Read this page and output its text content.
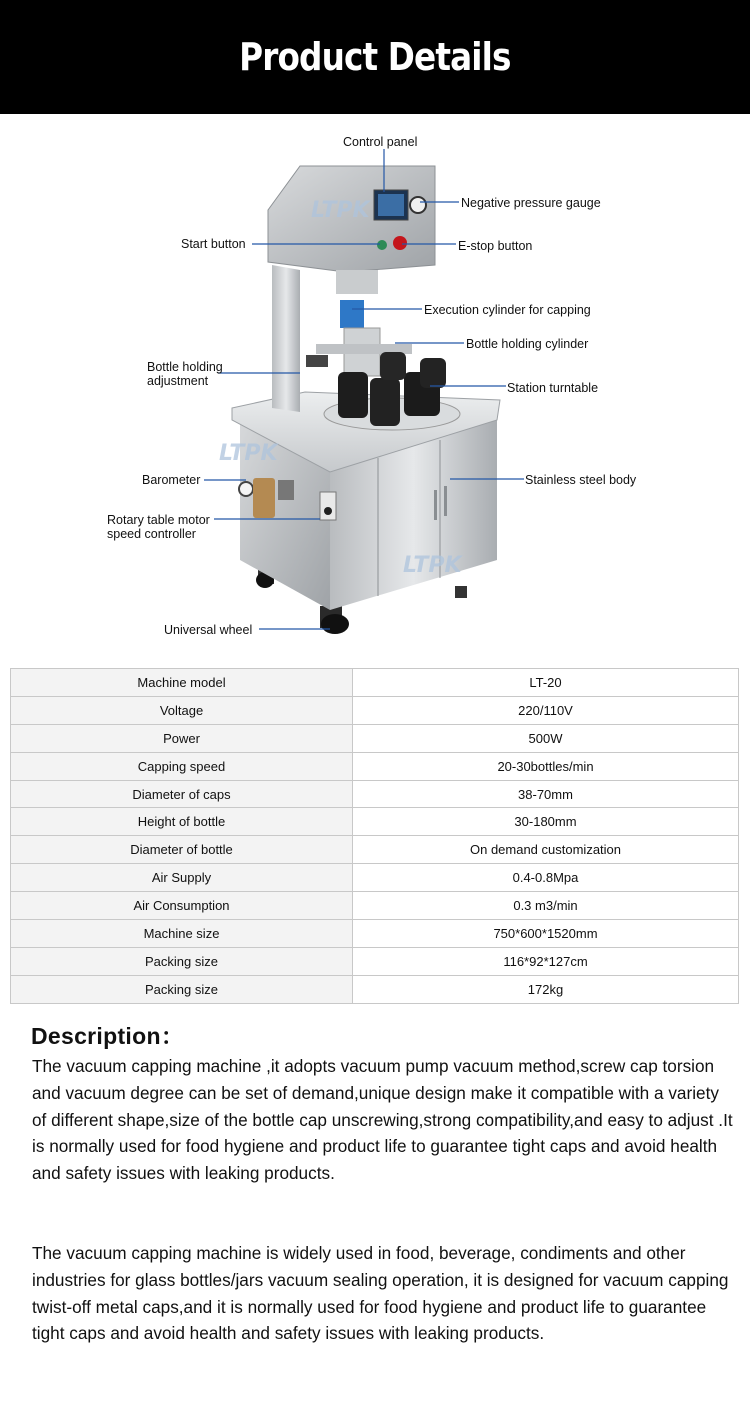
Product Details
LTPK
LTPK
LTPK
Control panel
Negative pressure gauge
Start button	E-stop button
Execution cylinder for capping
Bottle holding cylinder
Bottle holding
adjustment	Station turntable
Barometer	Stainless steel body
Rotary table motor
speed controller
Universal wheel
Machine model	LT-20
Voltage	220/110V
Power	500W
Capping speed	20-30bottles/min
Diameter of caps	38-70mm
Height of bottle	30-180mm
Diameter of bottle	On demand customization
Air Supply	0.4-0.8Mpa
Air Consumption	0.3 m3/min
Machine size	750*600*1520mm
Packing size	116*92*127cm
Packing size	172kg
Description：

The vacuum capping machine ,it adopts vacuum pump vacuum method,screw cap torsion and vacuum degree can be set of demand,unique design make it compatible with a variety of different shape,size of the bottle cap unscrewing,strong compatibility,and easy to adjust .It is normally used for food hygiene and product life to guarantee tight caps and avoid health and safety issues with leaking products.

The vacuum capping machine is widely used in food, beverage, condiments and other industries for glass bottles/jars vacuum sealing operation, it is designed for vacuum capping twist-off metal caps,and it is normally used for food hygiene and product life to guarantee tight caps and avoid health and safety issues with leaking products.
